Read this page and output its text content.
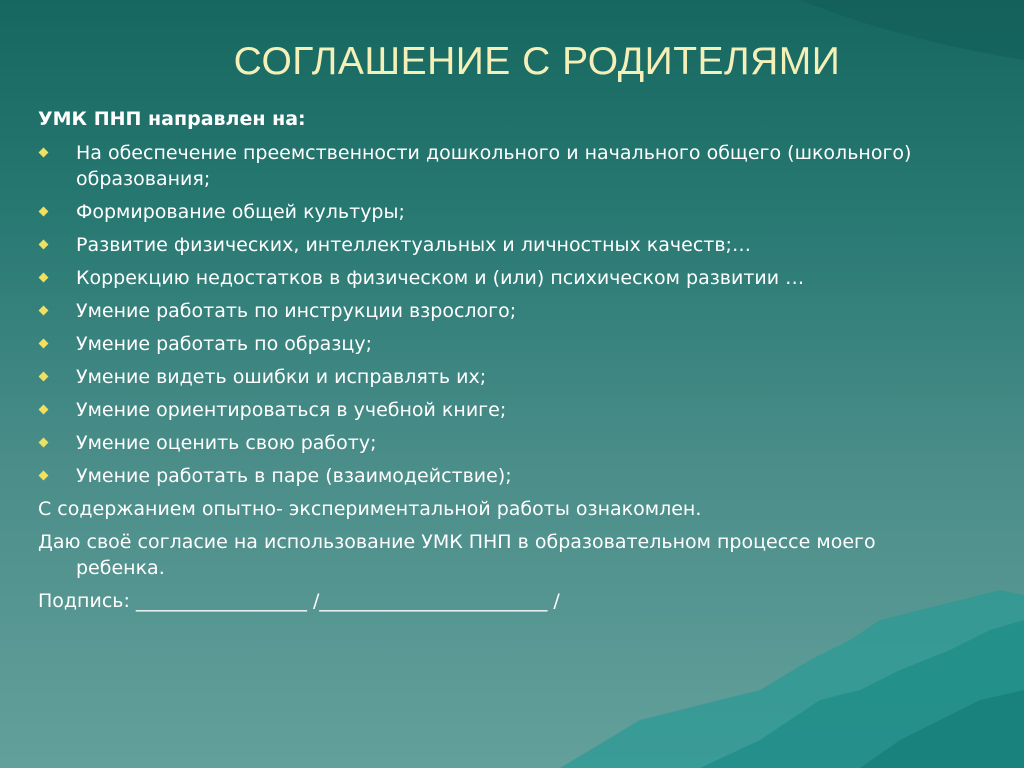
СОГЛАШЕНИЕ С РОДИТЕЛЯМИ
УМК ПНП направлен на:
На обеспечение преемственности дошкольного и начального общего (школьного) образования;
Формирование общей культуры;
Развитие физических, интеллектуальных и личностных качеств;…
Коррекцию недостатков в физическом и (или) психическом развитии …
Умение работать по инструкции взрослого;
Умение работать по образцу;
Умение видеть ошибки и исправлять их;
Умение ориентироваться в учебной книге;
Умение оценить свою работу;
Умение работать в паре (взаимодействие);
С содержанием опытно- экспериментальной работы ознакомлен.
Даю своё согласие на использование УМК ПНП в образовательном процессе моего ребенка.
Подпись: __________________ /________________________ /
